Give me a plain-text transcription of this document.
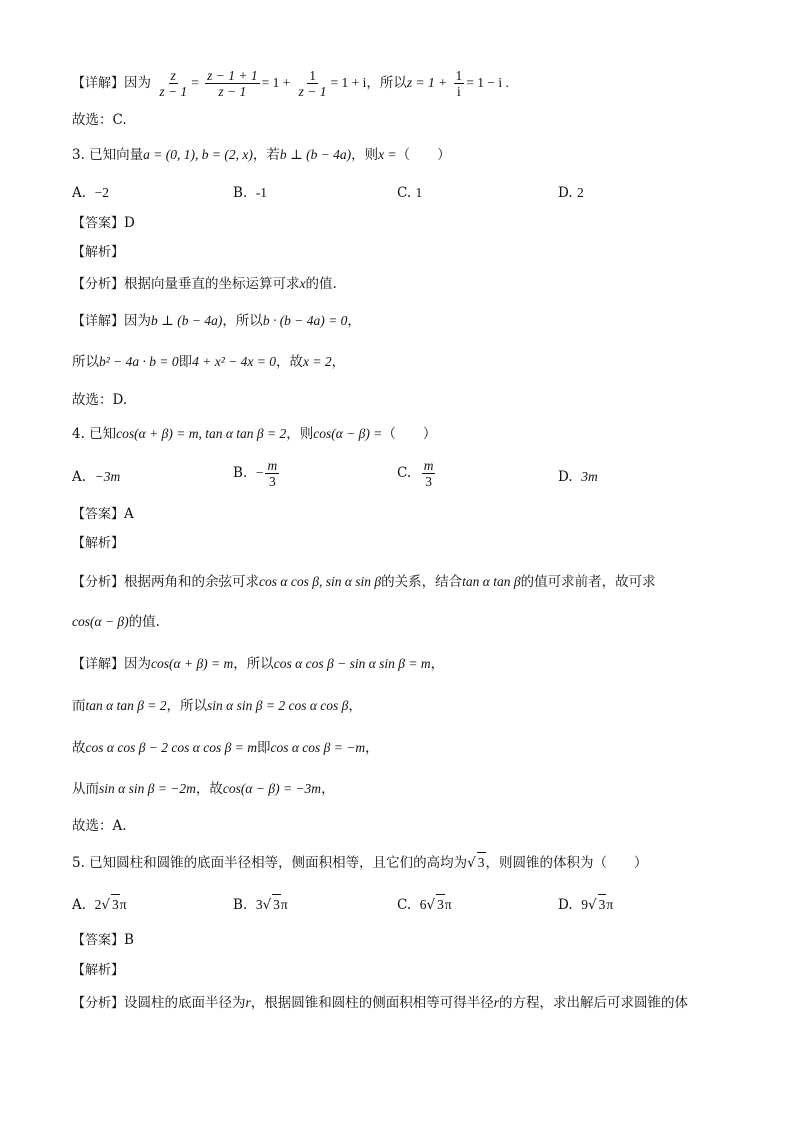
【详解】因为 $\frac{z}{z - 1} = \frac{z - 1 + 1}{z - 1} = 1 + \frac{1}{z - 1} = 1 + i$，所以$z = 1 + \frac{1}{i} = 1 - i$ .
故选：C.
3. 已知向量a = (0, 1), b = (2, x)，若b ⊥ (b − 4a)，则x =（　　）
A. −2	B. -1	C. 1	D. 2
【答案】D
【解析】
【分析】根据向量垂直的坐标运算可求x的值.
【详解】因为b ⊥ (b − 4a)，所以b · (b − 4a) = 0，
所以b² − 4a · b = 0即4 + x² − 4x = 0，故x = 2，
故选：D.
4. 已知cos(α + β) = m, tan α tan β = 2，则cos(α − β) =（　　）
A. −3m	B. − $\frac{m}{3}$	C. $\frac{m}{3}$	D. 3m
【答案】A
【解析】
【分析】根据两角和的余弦可求cos α cos β, sin α sin β的关系，结合tan α tan β的值可求前者，故可求
cos(α − β)的值.
【详解】因为cos(α + β) = m，所以cos α cos β − sin α sin β = m，
而tan α tan β = 2，所以sin α sin β = 2 cos α cos β，
故cos α cos β − 2 cos α cos β = m即cos α cos β = −m，
从而sin α sin β = −2m，故cos(α − β) = −3m，
故选：A.
5. 已知圆柱和圆锥的底面半径相等，侧面积相等，且它们的高均为√ 3，则圆锥的体积为（　　）
A. 2√ 3π	B. 3√ 3π	C. 6√ 3π	D. 9√ 3π
【答案】B
【解析】
【分析】设圆柱的底面半径为r，根据圆锥和圆柱的侧面积相等可得半径r的方程，求出解后可求圆锥的体
